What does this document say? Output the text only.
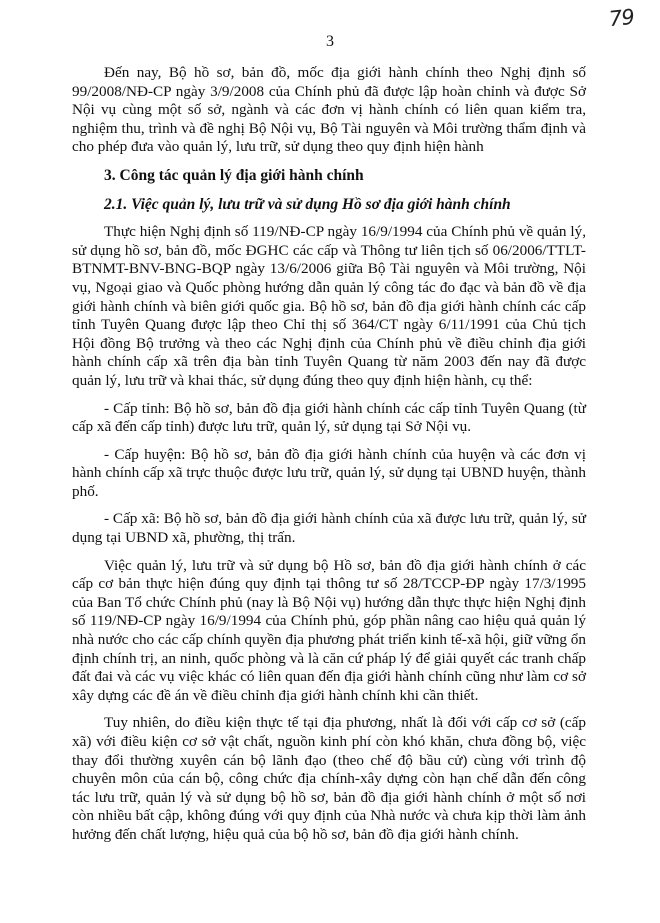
3
79

Đến nay, Bộ hồ sơ, bản đồ, mốc địa giới hành chính theo Nghị định số 99/2008/NĐ-CP ngày 3/9/2008 của Chính phủ đã được lập hoàn chỉnh và được Sở Nội vụ cùng một số sở, ngành và các đơn vị hành chính có liên quan kiểm tra, nghiệm thu, trình và đề nghị Bộ Nội vụ, Bộ Tài nguyên và Môi trường thẩm định và cho phép đưa vào quản lý, lưu trữ, sử dụng theo quy định hiện hành

3. Công tác quản lý địa giới hành chính
2.1. Việc quản lý, lưu trữ và sử dụng Hồ sơ địa giới hành chính

Thực hiện Nghị định số 119/NĐ-CP ngày 16/9/1994 của Chính phủ về quản lý, sử dụng hồ sơ, bản đồ, mốc ĐGHC các cấp và Thông tư liên tịch số 06/2006/TTLT-BTNMT-BNV-BNG-BQP ngày 13/6/2006 giữa Bộ Tài nguyên và Môi trường, Nội vụ, Ngoại giao và Quốc phòng hướng dẫn quản lý công tác đo đạc và bản đồ về địa giới hành chính và biên giới quốc gia. Bộ hồ sơ, bản đồ địa giới hành chính các cấp tỉnh Tuyên Quang được lập theo Chỉ thị số 364/CT ngày 6/11/1991 của Chủ tịch Hội đồng Bộ trưởng và theo các Nghị định của Chính phủ về điều chỉnh địa giới hành chính cấp xã trên địa bàn tỉnh Tuyên Quang từ năm 2003 đến nay đã được quản lý, lưu trữ và khai thác, sử dụng đúng theo quy định hiện hành, cụ thể:

- Cấp tỉnh: Bộ hồ sơ, bản đồ địa giới hành chính các cấp tỉnh Tuyên Quang (từ cấp xã đến cấp tỉnh) được lưu trữ, quản lý, sử dụng tại Sở Nội vụ.

- Cấp huyện: Bộ hồ sơ, bản đồ địa giới hành chính của huyện và các đơn vị hành chính cấp xã trực thuộc được lưu trữ, quản lý, sử dụng tại UBND huyện, thành phố.

- Cấp xã: Bộ hồ sơ, bản đồ địa giới hành chính của xã được lưu trữ, quản lý, sử dụng tại UBND xã, phường, thị trấn.

Việc quản lý, lưu trữ và sử dụng bộ Hồ sơ, bản đồ địa giới hành chính ở các cấp cơ bản thực hiện đúng quy định tại thông tư số 28/TCCP-ĐP ngày 17/3/1995 của Ban Tổ chức Chính phủ (nay là Bộ Nội vụ) hướng dẫn thực thực hiện Nghị định số 119/NĐ-CP ngày 16/9/1994 của Chính phủ, góp phần nâng cao hiệu quả quản lý nhà nước cho các cấp chính quyền địa phương phát triển kinh tế-xã hội, giữ vững ổn định chính trị, an ninh, quốc phòng và là căn cứ pháp lý để giải quyết các tranh chấp đất đai và các vụ việc khác có liên quan đến địa giới hành chính cũng như làm cơ sở xây dựng các đề án về điều chỉnh địa giới hành chính khi cần thiết.

Tuy nhiên, do điều kiện thực tế tại địa phương, nhất là đối với cấp cơ sở (cấp xã) với điều kiện cơ sở vật chất, nguồn kinh phí còn khó khăn, chưa đồng bộ, việc thay đổi thường xuyên cán bộ lãnh đạo (theo chế độ bầu cử) cùng với trình độ chuyên môn của cán bộ, công chức địa chính-xây dựng còn hạn chế dẫn đến công tác lưu trữ, quản lý và sử dụng bộ hồ sơ, bản đồ địa giới hành chính ở một số nơi còn nhiều bất cập, không đúng với quy định của Nhà nước và chưa kịp thời làm ảnh hưởng đến chất lượng, hiệu quả của bộ hồ sơ, bản đồ địa giới hành chính.
